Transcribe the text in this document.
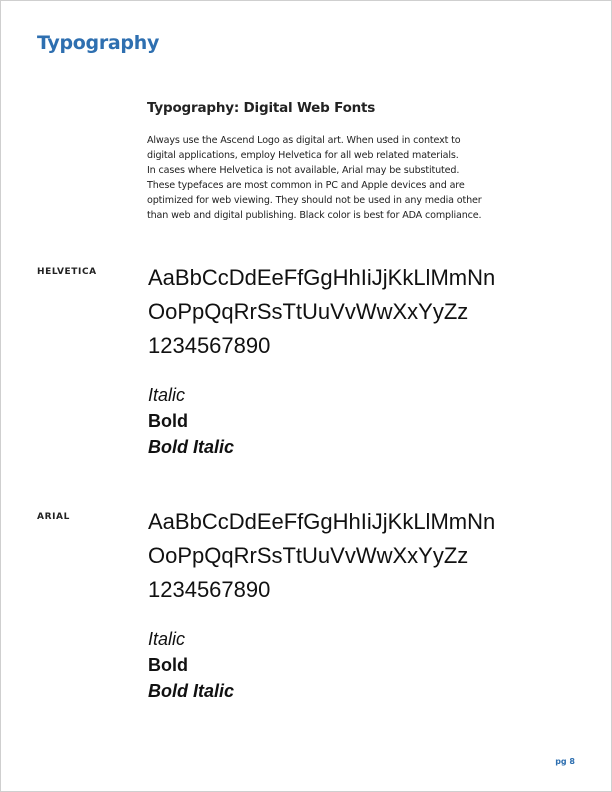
Typography
Typography: Digital Web Fonts
Always use the Ascend Logo as digital art. When used in context to
digital applications, employ Helvetica for all web related materials.
In cases where Helvetica is not available, Arial may be substituted.
These typefaces are most common in PC and Apple devices and are
optimized for web viewing. They should not be used in any media other
than web and digital publishing. Black color is best for ADA compliance.
HELVETICA AaBbCcDdEeFfGgHhIiJjKkLlMmNn
OoPpQqRrSsTtUuVvWwXxYyZz
1234567890
Italic
Bold
Bold Italic
ARIAL	AaBbCcDdEeFfGgHhIiJjKkLlMmNn
OoPpQqRrSsTtUuVvWwXxYyZz
1234567890
Italic
Bold
Bold Italic
pg 8
